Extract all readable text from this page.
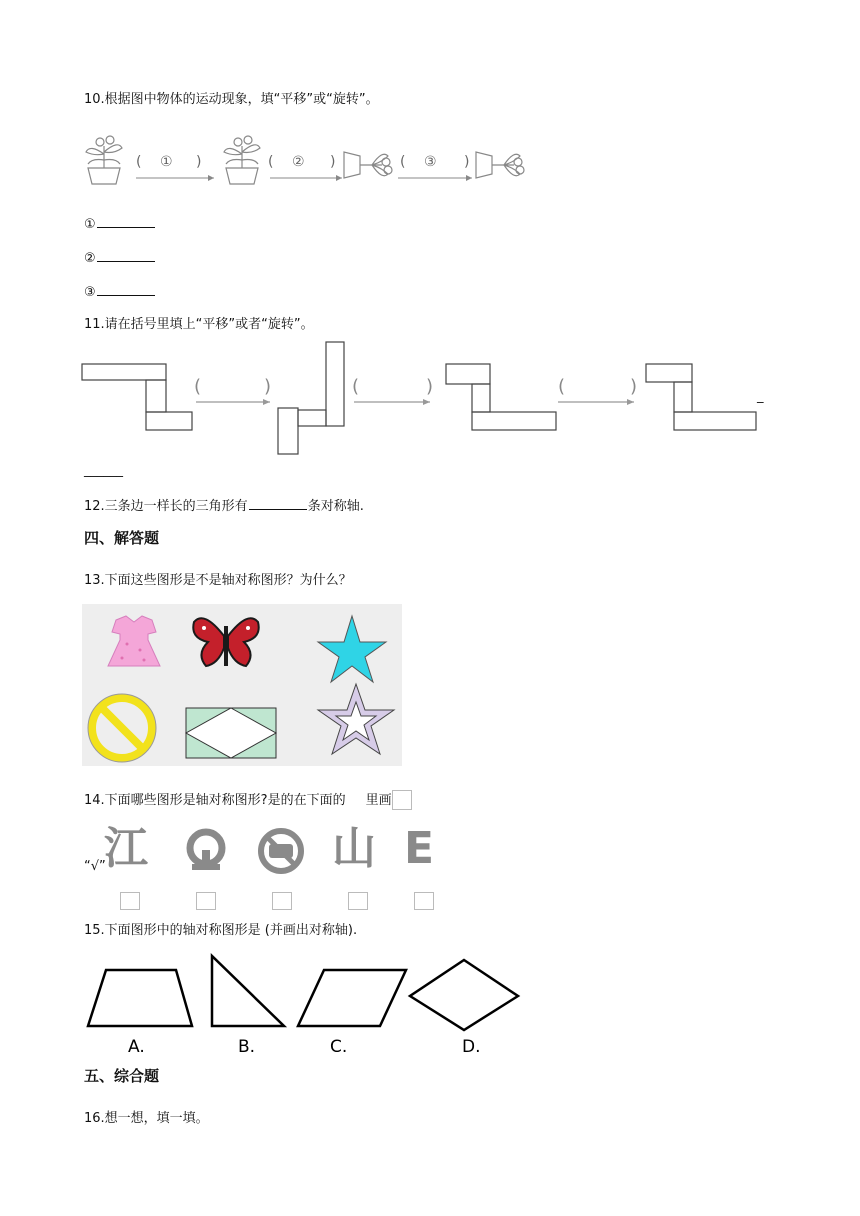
10.根据图中物体的运动现象，填“平移”或“旋转”。
( ① )	( ② )	( ③ )
①
②
③
11.请在括号里填上“平移”或者“旋转”。
(	)	(	)	(	)	_
______
12.三条边一样长的三角形有	条对称轴.
四、解答题
13.下面这些图形是不是轴对称图形？为什么？
14.下面哪些图形是轴对称图形?是的在下面的 里画
“√”
江	山 E
15.下面图形中的轴对称图形是 (并画出对称轴).
A.	B.	C.	D.
五、综合题
16.想一想，填一填。
